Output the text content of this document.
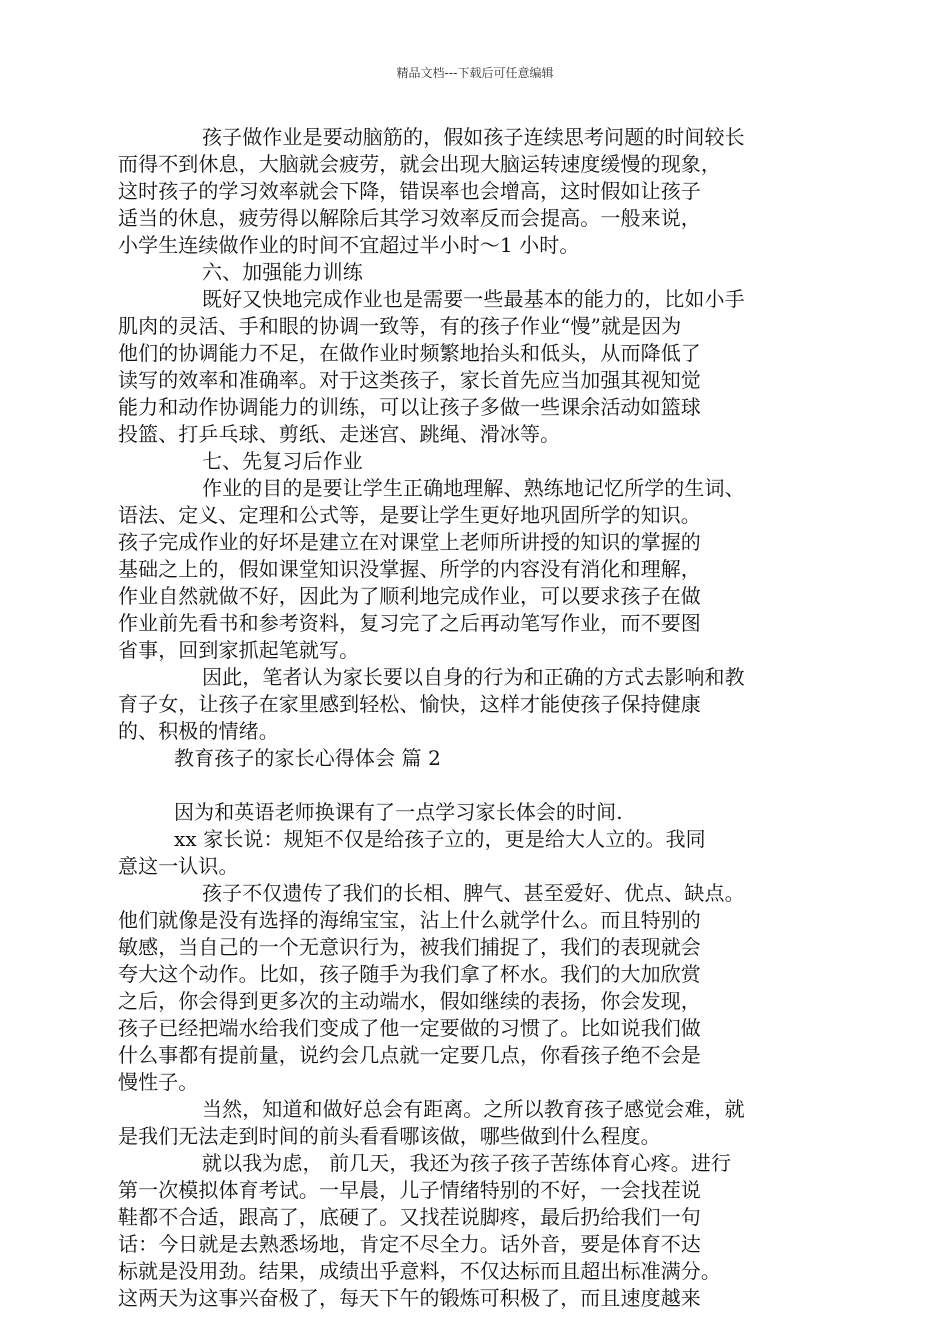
精品文档---下载后可任意编辑
孩子做作业是要动脑筋的，假如孩子连续思考问题的时间较长
而得不到休息，大脑就会疲劳，就会出现大脑运转速度缓慢的现象，
这时孩子的学习效率就会下降，错误率也会增高，这时假如让孩子
适当的休息，疲劳得以解除后其学习效率反而会提高。一般来说，
小学生连续做作业的时间不宜超过半小时～1 小时。
六、加强能力训练
既好又快地完成作业也是需要一些最基本的能力的，比如小手
肌肉的灵活、手和眼的协调一致等，有的孩子作业“慢”就是因为
他们的协调能力不足，在做作业时频繁地抬头和低头，从而降低了
读写的效率和准确率。对于这类孩子，家长首先应当加强其视知觉
能力和动作协调能力的训练，可以让孩子多做一些课余活动如篮球
投篮、打乒乓球、剪纸、走迷宫、跳绳、滑冰等。
七、先复习后作业
作业的目的是要让学生正确地理解、熟练地记忆所学的生词、
语法、定义、定理和公式等，是要让学生更好地巩固所学的知识。
孩子完成作业的好坏是建立在对课堂上老师所讲授的知识的掌握的
基础之上的，假如课堂知识没掌握、所学的内容没有消化和理解，
作业自然就做不好，因此为了顺利地完成作业，可以要求孩子在做
作业前先看书和参考资料，复习完了之后再动笔写作业，而不要图
省事，回到家抓起笔就写。
因此，笔者认为家长要以自身的行为和正确的方式去影响和教
育子女，让孩子在家里感到轻松、愉快，这样才能使孩子保持健康
的、积极的情绪。
教育孩子的家长心得体会 篇 2
因为和英语老师换课有了一点学习家长体会的时间.
xx 家长说：规矩不仅是给孩子立的，更是给大人立的。我同
意这一认识。
孩子不仅遗传了我们的长相、脾气、甚至爱好、优点、缺点。
他们就像是没有选择的海绵宝宝，沾上什么就学什么。而且特别的
敏感，当自己的一个无意识行为，被我们捕捉了，我们的表现就会
夸大这个动作。比如，孩子随手为我们拿了杯水。我们的大加欣赏
之后，你会得到更多次的主动端水，假如继续的表扬，你会发现，
孩子已经把端水给我们变成了他一定要做的习惯了。比如说我们做
什么事都有提前量，说约会几点就一定要几点，你看孩子绝不会是
慢性子。
当然，知道和做好总会有距离。之所以教育孩子感觉会难，就
是我们无法走到时间的前头看看哪该做，哪些做到什么程度。
就以我为虑， 前几天，我还为孩子孩子苦练体育心疼。进行
第一次模拟体育考试。一早晨，儿子情绪特别的不好，一会找茬说
鞋都不合适，跟高了，底硬了。又找茬说脚疼，最后扔给我们一句
话：今日就是去熟悉场地，肯定不尽全力。话外音，要是体育不达
标就是没用劲。结果，成绩出乎意料，不仅达标而且超出标准满分。
这两天为这事兴奋极了，每天下午的锻炼可积极了，而且速度越来
